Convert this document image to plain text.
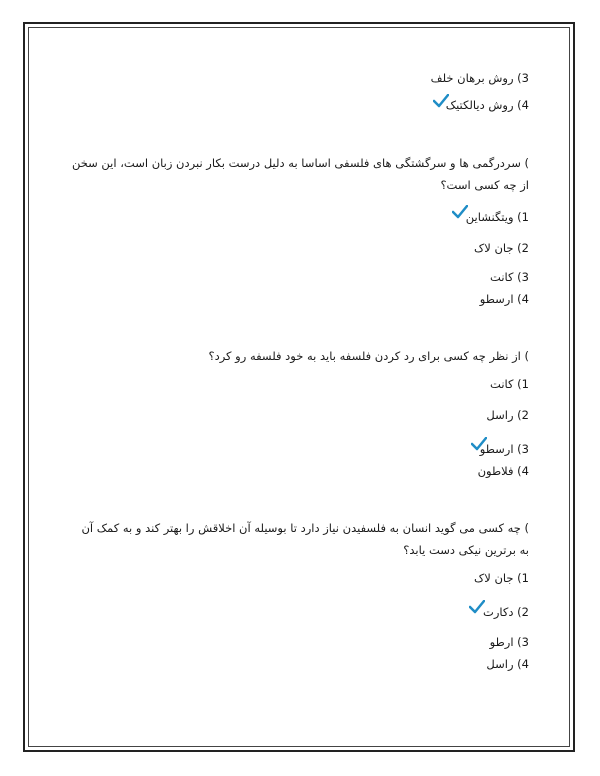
3) روش برهان خلف
4) روش دیالکتیک
) سردرگمی ها و سرگشتگی های فلسفی اساسا به دلیل درست بکار نبردن زبان است، این سخن از چه کسی است؟
1) ویتگنشاین
2) جان لاک
3) کانت
4) ارسطو
) از نظر چه کسی برای رد کردن فلسفه باید به خود فلسفه رو کرد؟
1) کانت
2) راسل
3) ارسطو
4) فلاطون
) چه کسی می گوید انسان به فلسفیدن نیاز دارد تا بوسیله آن اخلاقش را بهتر کند و به کمک آن به برترین نیکی دست یابد؟
1) جان لاک
2) دکارت
3) ارطو
4) راسل
